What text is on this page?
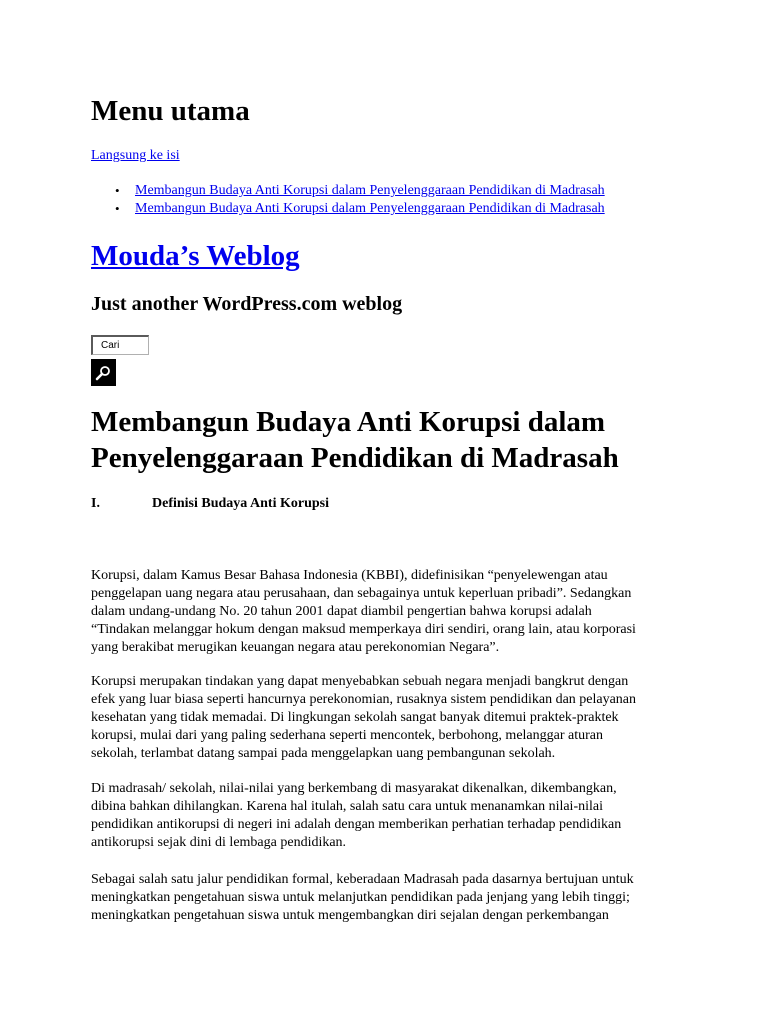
Menu utama
Langsung ke isi
• Membangun Budaya Anti Korupsi dalam Penyelenggaraan Pendidikan di Madrasah
• Membangun Budaya Anti Korupsi dalam Penyelenggaraan Pendidikan di Madrasah
Mouda’s Weblog
Just another WordPress.com weblog
Cari
Membangun Budaya Anti Korupsi dalam Penyelenggaraan Pendidikan di Madrasah
I.	Definisi Budaya Anti Korupsi

Korupsi, dalam Kamus Besar Bahasa Indonesia (KBBI), didefinisikan “penyelewengan atau
penggelapan uang negara atau perusahaan, dan sebagainya untuk keperluan pribadi”. Sedangkan
dalam undang-undang No. 20 tahun 2001 dapat diambil pengertian bahwa korupsi adalah
“Tindakan melanggar hokum dengan maksud memperkaya diri sendiri, orang lain, atau korporasi
yang berakibat merugikan keuangan negara atau perekonomian Negara”.

Korupsi merupakan tindakan yang dapat menyebabkan sebuah negara menjadi bangkrut dengan
efek yang luar biasa seperti hancurnya perekonomian, rusaknya sistem pendidikan dan pelayanan
kesehatan yang tidak memadai. Di lingkungan sekolah sangat banyak ditemui praktek-praktek
korupsi, mulai dari yang paling sederhana seperti mencontek, berbohong, melanggar aturan
sekolah, terlambat datang sampai pada menggelapkan uang pembangunan sekolah.

Di madrasah/ sekolah, nilai-nilai yang berkembang di masyarakat dikenalkan, dikembangkan,
dibina bahkan dihilangkan. Karena hal itulah, salah satu cara untuk menanamkan nilai-nilai
pendidikan antikorupsi di negeri ini adalah dengan memberikan perhatian terhadap pendidikan
antikorupsi sejak dini di lembaga pendidikan.

Sebagai salah satu jalur pendidikan formal, keberadaan Madrasah pada dasarnya bertujuan untuk
meningkatkan pengetahuan siswa untuk melanjutkan pendidikan pada jenjang yang lebih tinggi;
meningkatkan pengetahuan siswa untuk mengembangkan diri sejalan dengan perkembangan
